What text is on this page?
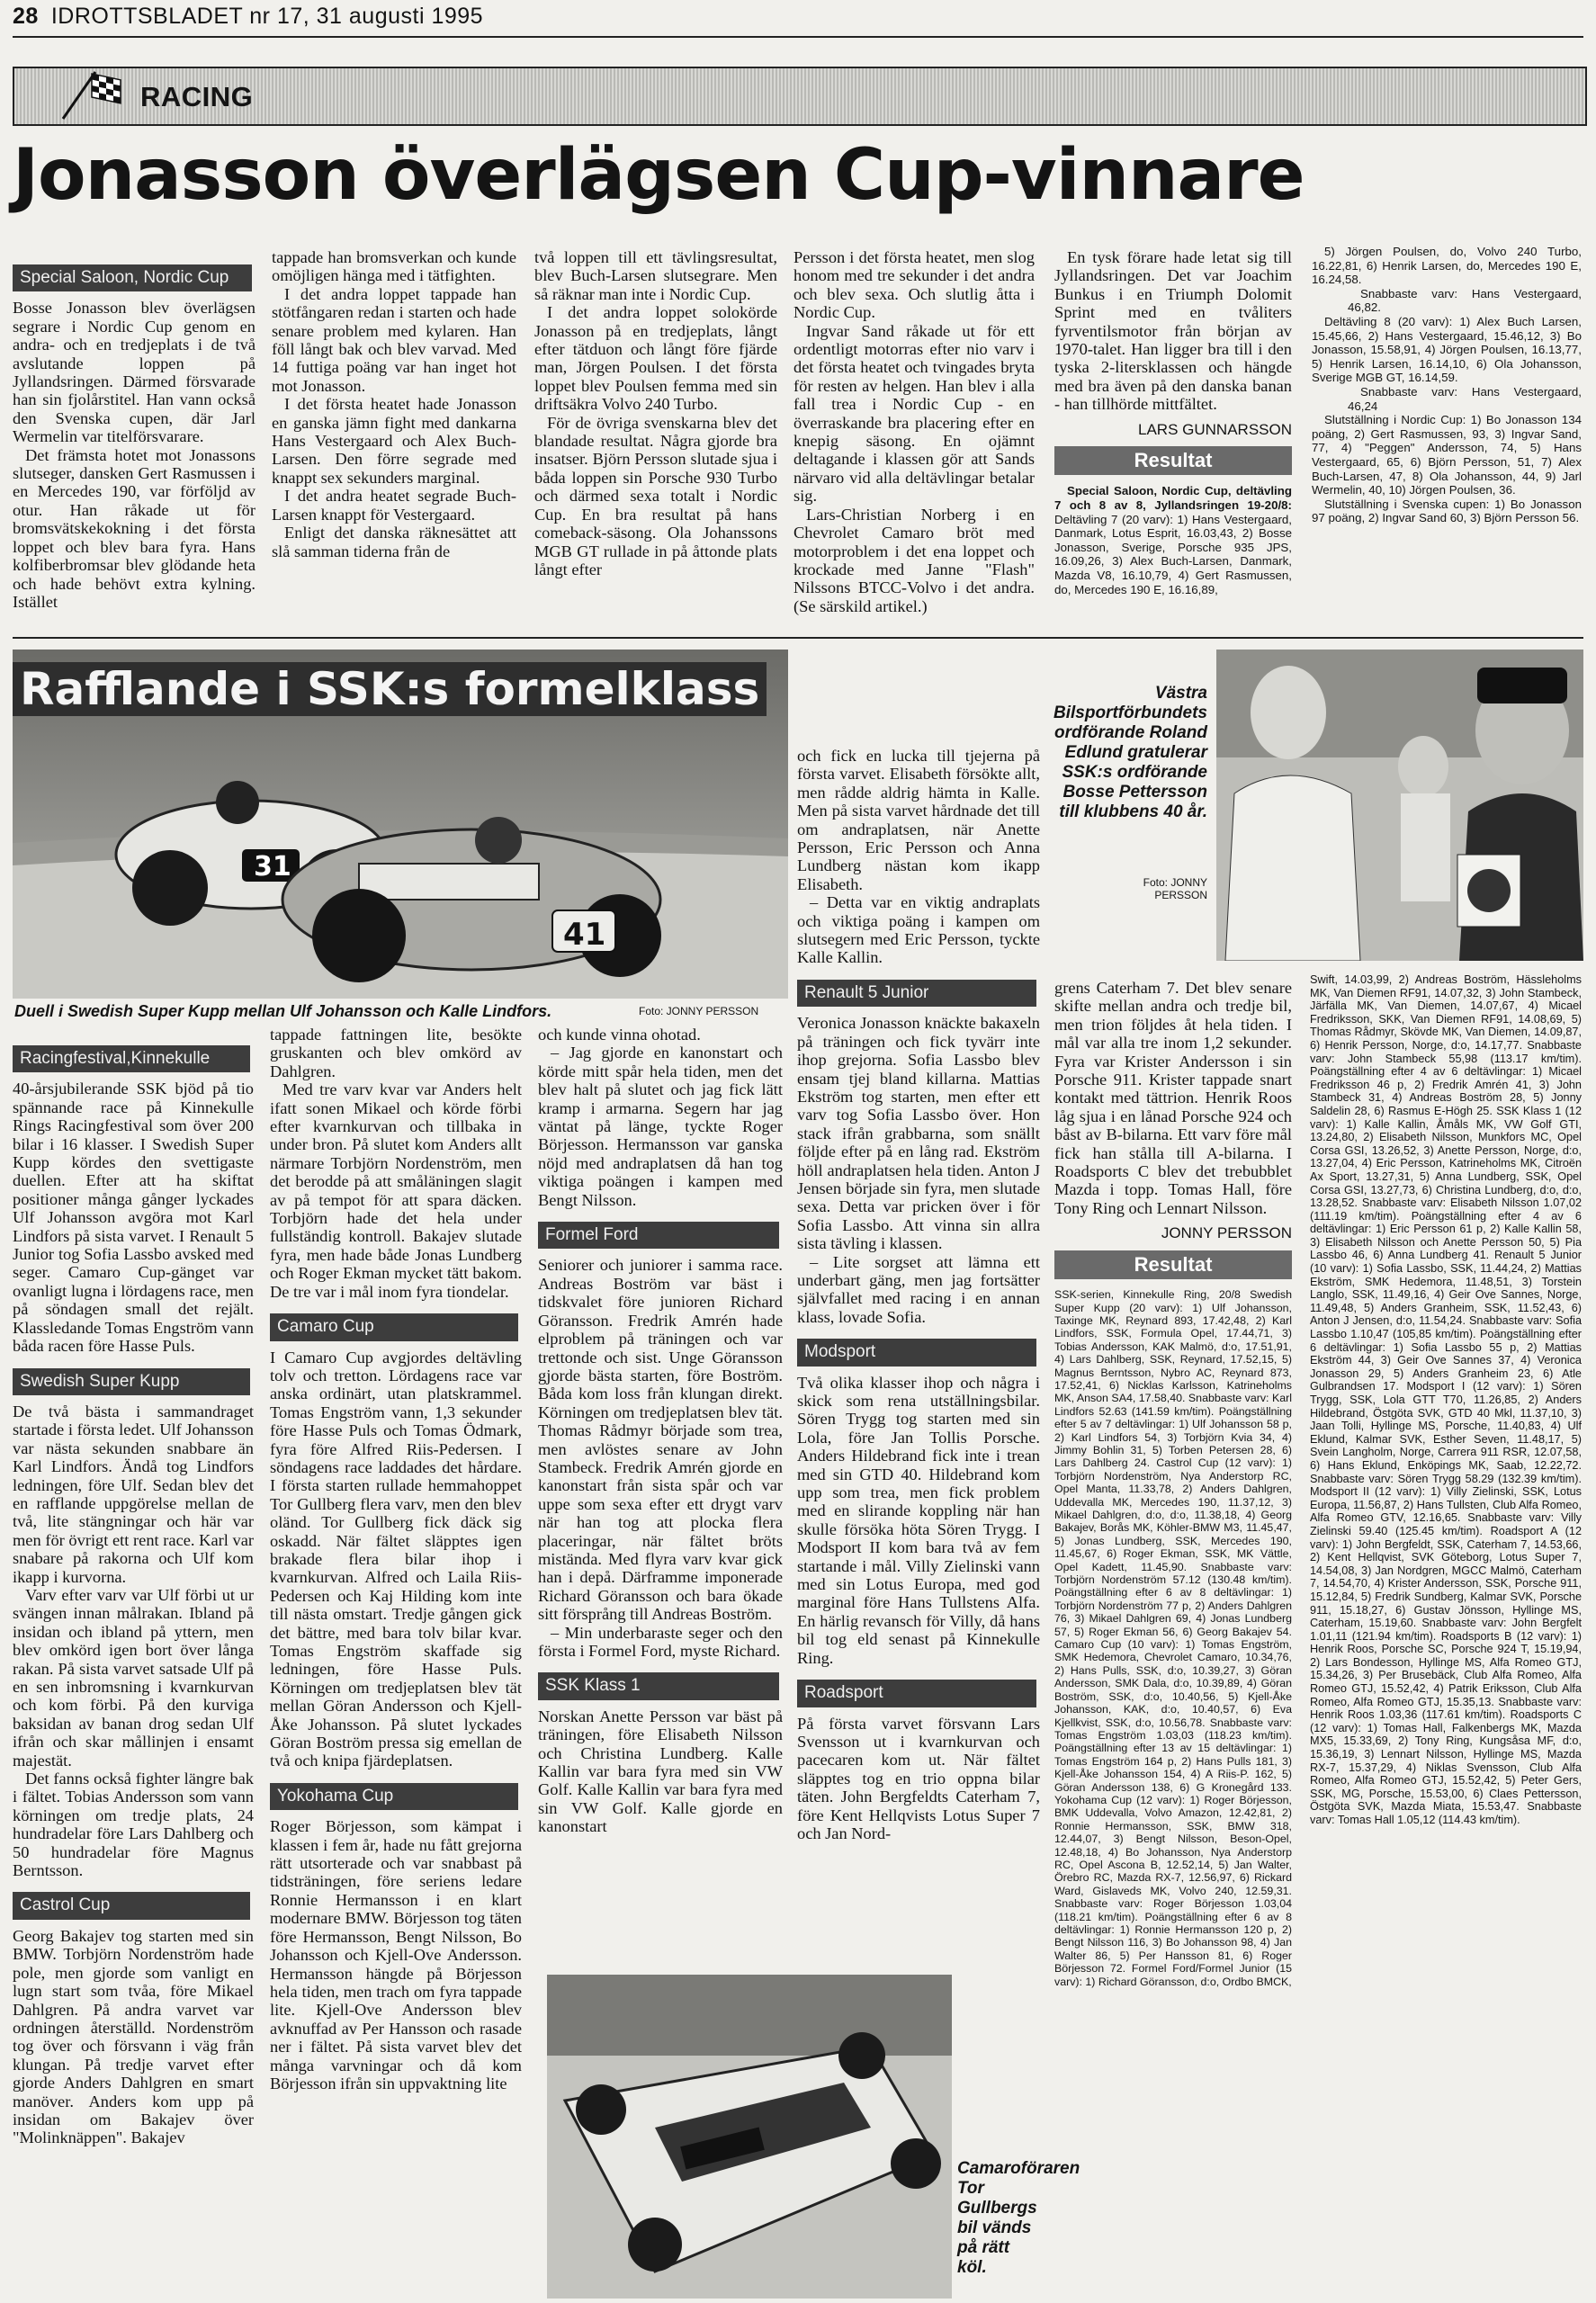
28 IDROTTSBLADET nr 17, 31 augusti 1995
RACING
Jonasson överlägsen Cup-vinnare
Special Saloon, Nordic Cup

Bosse Jonasson blev överlägsen segrare i Nordic Cup genom en andra- och en tredjeplats i de två avslutande loppen på Jyllandsringen. Därmed försvarade han sin fjolårstitel. Han vann också den Svenska cupen, där Jarl Wermelin var titelförsvarare.

Det främsta hotet mot Jonassons slutseger, dansken Gert Rasmussen i en Mercedes 190, var förföljd av otur. Han råkade ut för bromsvätskekokning i det första loppet och blev bara fyra. Hans kolfiberbromsar blev glödande heta och hade behövt extra kylning. Istället

tappade han bromsverkan och kunde omöjligen hänga med i tätfighten.

I det andra loppet tappade han stötfångaren redan i starten och hade senare problem med kylaren. Han föll långt bak och blev varvad. Med 14 futtiga poäng var han inget hot mot Jonasson.

I det första heatet hade Jonasson en ganska jämn fight med dankarna Hans Vestergaard och Alex Buch-Larsen. Den förre segrade med knappt sex sekunders marginal.

I det andra heatet segrade Buch-Larsen knappt för Vestergaard.

Enligt det danska räknesättet att slå samman tiderna från de

två loppen till ett tävlingsresultat, blev Buch-Larsen slutsegrare. Men så räknar man inte i Nordic Cup.

I det andra loppet solokörde Jonasson på en tredjeplats, långt efter tätduon och långt före fjärde man, Jörgen Poulsen. I det första loppet blev Poulsen femma med sin driftsäkra Volvo 240 Turbo.

För de övriga svenskarna blev det blandade resultat. Några gjorde bra insatser. Björn Persson slutade sjua i båda loppen sin Porsche 930 Turbo och därmed sexa totalt i Nordic Cup. En bra resultat på hans comeback-säsong. Ola Johanssons MGB GT rullade in på åttonde plats långt efter

Persson i det första heatet, men slog honom med tre sekunder i det andra och blev sexa. Och slutlig åtta i Nordic Cup.

Ingvar Sand råkade ut för ett ordentligt motorras efter nio varv i det första heatet och tvingades bryta för resten av helgen. Han blev i alla fall trea i Nordic Cup - en överraskande bra placering efter en knepig säsong. En ojämnt deltagande i klassen gör att Sands närvaro vid alla deltävlingar betalar sig.

Lars-Christian Norberg i en Chevrolet Camaro bröt med motorproblem i det ena loppet och krockade med Janne "Flash" Nilssons BTCC-Volvo i det andra. (Se särskild artikel.)

En tysk förare hade letat sig till Jyllandsringen. Det var Joachim Bunkus i en Triumph Dolomit Sprint med en tvåliters fyrventilsmotor från början av 1970-talet. Han ligger bra till i den tyska 2-litersklassen och hängde med bra även på den danska banan - han tillhörde mittfältet.

LARS GUNNARSSON
Resultat

Special Saloon, Nordic Cup, deltävling 7 och 8 av 8, Jyllandsringen 19-20/8: Deltävling 7 (20 varv): 1) Hans Vestergaard, Danmark, Lotus Esprit, 16.03,43, 2) Bosse Jonasson, Sverige, Porsche 935 JPS, 16.09,26, 3) Alex Buch-Larsen, Danmark, Mazda V8, 16.10,79, 4) Gert Rasmussen, do, Mercedes 190 E, 16.16,89,

5) Jörgen Poulsen, do, Volvo 240 Turbo, 16.22,81, 6) Henrik Larsen, do, Mercedes 190 E, 16.24,58.

Snabbaste varv: Hans Vestergaard, 46,82.

Deltävling 8 (20 varv): 1) Alex Buch Larsen, 15.45,66, 2) Hans Vestergaard, 15.46,12, 3) Bo Jonasson, 15.58,91, 4) Jörgen Poulsen, 16.13,77, 5) Henrik Larsen, 16.14,10, 6) Ola Johansson, Sverige MGB GT, 16.14,59.

Snabbaste varv: Hans Vestergaard, 46,24

Slutställning i Nordic Cup: 1) Bo Jonasson 134 poäng, 2) Gert Rasmussen, 93, 3) Ingvar Sand, 77, 4) "Peggen" Andersson, 74, 5) Hans Vestergaard, 65, 6) Björn Persson, 51, 7) Alex Buch-Larsen, 47, 8) Ola Johansson, 44, 9) Jarl Wermelin, 40, 10) Jörgen Poulsen, 36.

Slutställning i Svenska cupen: 1) Bo Jonasson 97 poäng, 2) Ingvar Sand 60, 3) Björn Persson 56.

31
41
Rafflande i SSK:s formelklass
Duell i Swedish Super Kupp mellan Ulf Johansson och Kalle Lindfors.	Foto: JONNY PERSSON
Västra Bilsportförbundets ordförande Roland Edlund gratulerar SSK:s ordförande Bosse Pettersson till klubbens 40 år.
Foto: JONNY PERSSON
Racingfestival,Kinnekulle

40-årsjubilerande SSK bjöd på tio spännande race på Kinnekulle Rings Racingfestival som över 200 bilar i 16 klasser. I Swedish Super Kupp kördes den svettigaste duellen. Efter att ha skiftat positioner många gånger lyckades Ulf Johansson avgöra mot Karl Lindfors på sista varvet. I Renault 5 Junior tog Sofia Lassbo avsked med seger. Camaro Cup-gänget var ovanligt lugna i lördagens race, men på söndagen small det rejält. Klassledande Tomas Engström vann båda racen före Hasse Puls.

Swedish Super Kupp

De två bästa i sammandraget startade i första ledet. Ulf Johansson var nästa sekunden snabbare än Karl Lindfors. Ändå tog Lindfors ledningen, före Ulf. Sedan blev det en rafflande uppgörelse mellan de två, lite stängningar och här var men för övrigt ett rent race. Karl var snabare på rakorna och Ulf kom ikapp i kurvorna.

Varv efter varv var Ulf förbi ut ur svängen innan målrakan. Ibland på insidan och ibland på yttern, men blev omkörd igen bort över långa rakan. På sista varvet satsade Ulf på en sen inbromsning i kvarnkurvan och kom förbi. På den kurviga baksidan av banan drog sedan Ulf ifrån och skar mållinjen i ensamt majestät.

Det fanns också fighter längre bak i fältet. Tobias Andersson som vann körningen om tredje plats, 24 hundradelar före Lars Dahlberg och 50 hundradelar före Magnus Berntsson.

Castrol Cup

Georg Bakajev tog starten med sin BMW. Torbjörn Nordenström hade pole, men gjorde som vanligt en lugn start som tvåa, före Mikael Dahlgren. På andra varvet var ordningen återställd. Nordenström tog över och försvann i väg från klungan. På tredje varvet efter gjorde Anders Dahlgren en smart manöver. Anders kom upp på insidan om Bakajev över "Molinknäppen". Bakajev

tappade fattningen lite, besökte gruskanten och blev omkörd av Dahlgren.

Med tre varv kvar var Anders helt ifatt sonen Mikael och körde förbi efter kvarnkurvan och tillbaka in under bron. På slutet kom Anders allt närmare Torbjörn Nordenström, men det berodde på att småläningen slagit av på tempot för att spara däcken. Torbjörn hade det hela under fullständig kontroll. Bakajev slutade fyra, men hade både Jonas Lundberg och Roger Ekman mycket tätt bakom. De tre var i mål inom fyra tiondelar.

Camaro Cup

I Camaro Cup avgjordes deltävling tolv och tretton. Lördagens race var anska ordinärt, utan platskrammel. Tomas Engström vann, 1,3 sekunder före Hasse Puls och Tomas Ödmark, fyra före Alfred Riis-Pedersen. I söndagens race laddades det hårdare. I första starten rullade hemmahoppet Tor Gullberg flera varv, men den blev oländ. Tor Gullberg fick däck sig oskadd. När fältet släpptes igen brakade flera bilar ihop i kvarnkurvan. Alfred och Laila Riis-Pedersen och Kaj Hilding kom inte till nästa omstart. Tredje gången gick det bättre, med bara tolv bilar kvar. Tomas Engström skaffade sig ledningen, före Hasse Puls. Körningen om tredjeplatsen blev tät mellan Göran Andersson och Kjell-Åke Johansson. På slutet lyckades Göran Boström pressa sig emellan de två och knipa fjärdeplatsen.

Yokohama Cup

Roger Börjesson, som kämpat i klassen i fem år, hade nu fått grejorna rätt utsorterade och var snabbast på tidsträningen, före seriens ledare Ronnie Hermansson i en klart modernare BMW. Börjesson tog täten före Hermansson, Bengt Nilsson, Bo Johansson och Kjell-Ove Andersson. Hermansson hängde på Börjesson hela tiden, men trach om fyra tappade lite. Kjell-Ove Andersson blev avknuffad av Per Hansson och rasade ner i fältet. På sista varvet blev det många varvningar och då kom Börjesson ifrån sin uppvaktning lite

och kunde vinna ohotad.

– Jag gjorde en kanonstart och körde mitt spår hela tiden, men det blev halt på slutet och jag fick lätt kramp i armarna. Segern har jag väntat på länge, tyckte Roger Börjesson. Hermansson var ganska nöjd med andraplatsen då han tog viktiga poängen i kampen med Bengt Nilsson.

Formel Ford

Seniorer och juniorer i samma race. Andreas Boström var bäst i tidskvalet före junioren Richard Göransson. Fredrik Amrén hade elproblem på träningen och var trettonde och sist. Unge Göransson gjorde bästa starten, före Boström. Båda kom loss från klungan direkt. Körningen om tredjeplatsen blev tät. Thomas Rådmyr började som trea, men avlöstes senare av John Stambeck. Fredrik Amrén gjorde en kanonstart från sista spår och var uppe som sexa efter ett drygt varv när han tog att plocka flera placeringar, när fältet bröts mistända. Med flyra varv kvar gick han i depå. Därframme imponerade Richard Göransson och bara ökade sitt försprång till Andreas Boström.

– Min underbaraste seger och den första i Formel Ford, myste Richard.

SSK Klass 1

Norskan Anette Persson var bäst på träningen, före Elisabeth Nilsson och Christina Lundberg. Kalle Kallin var bara fyra med sin VW Golf. Kalle Kallin var bara fyra med sin VW Golf. Kalle gjorde en kanonstart

och fick en lucka till tjejerna på första varvet. Elisabeth försökte allt, men rådde aldrig hämta in Kalle. Men på sista varvet hårdnade det till om andraplatsen, när Anette Persson, Eric Persson och Anna Lundberg nästan kom ikapp Elisabeth.

– Detta var en viktig andraplats och viktiga poäng i kampen om slutsegern med Eric Persson, tyckte Kalle Kallin.

Renault 5 Junior

Veronica Jonasson knäckte bakaxeln på träningen och fick tyvärr inte ihop grejorna. Sofia Lassbo blev ensam tjej bland killarna. Mattias Ekström tog starten, men efter ett varv tog Sofia Lassbo över. Hon stack ifrån grabbarna, som snällt följde efter på en lång rad. Ekström höll andraplatsen hela tiden. Anton J Jensen började sin fyra, men slutade sexa. Detta var pricken över i för Sofia Lassbo. Att vinna sin allra sista tävling i klassen.

– Lite sorgset att lämna ett underbart gäng, men jag fortsätter självfallet med racing i en annan klass, lovade Sofia.

Modsport

Två olika klasser ihop och några i skick som rena utställningsbilar. Sören Trygg tog starten med sin Lola, före Jan Tollis Porsche. Anders Hildebrand fick inte i trean med sin GTD 40. Hildebrand kom upp som trea, men fick problem med en slirande koppling när han skulle försöka höta Sören Trygg. I Modsport II kom bara två av fem startande i mål. Villy Zielinski vann med sin Lotus Europa, med god marginal före Hans Tullstens Alfa. En härlig revansch för Villy, då hans bil tog eld senast på Kinnekulle Ring.

Roadsport

På första varvet försvann Lars Svensson ut i kvarnkurvan och pacecaren kom ut. När fältet släpptes tog en trio oppna bilar täten. John Bergfeldts Caterham 7, före Kent Hellqvists Lotus Super 7 och Jan Nord-

Camaroföraren Tor Gullbergs bil vänds på rätt köl.

grens Caterham 7. Det blev senare skifte mellan andra och tredje bil, men trion följdes åt hela tiden. I mål var alla tre inom 1,2 sekunder. Fyra var Krister Andersson i sin Porsche 911. Krister tappade snart kontakt med tättrion. Henrik Roos låg sjua i en lånad Porsche 924 och båst av B-bilarna. Ett varv före mål fick han stålla till A-bilarna. I Roadsports C blev det trebubblet Mazda i topp. Tomas Hall, före Tony Ring och Lennart Nilsson.

JONNY PERSSON
Resultat
SSK-serien, Kinnekulle Ring, 20/8 Swedish Super Kupp (20 varv): 1) Ulf Johansson, Taxinge MK, Reynard 893, 17.42,48, 2) Karl Lindfors, SSK, Formula Opel, 17.44,71, 3) Tobias Andersson, KAK Malmö, d:o, 17.51,91, 4) Lars Dahlberg, SSK, Reynard, 17.52,15, 5) Magnus Berntsson, Nybro AC, Reynard 873, 17.52,41, 6) Nicklas Karlsson, Katrineholms MK, Anson SA4, 17.58,40. Snabbaste varv: Karl Lindfors 52.63 (141.59 km/tim). Poängställning efter 5 av 7 deltävlingar: 1) Ulf Johansson 58 p, 2) Karl Lindfors 54, 3) Torbjörn Kvia 34, 4) Jimmy Bohlin 31, 5) Torben Petersen 28, 6) Lars Dahlberg 24. Castrol Cup (12 varv): 1) Torbjörn Nordenström, Nya Anderstorp RC, Opel Manta, 11.33,78, 2) Anders Dahlgren, Uddevalla MK, Mercedes 190, 11.37,12, 3) Mikael Dahlgren, d:o, d:o, 11.38,18, 4) Georg Bakajev, Borås MK, Köhler-BMW M3, 11.45,47, 5) Jonas Lundberg, SSK, Mercedes 190, 11.45,67, 6) Roger Ekman, SSK, MK Vättle, Opel Kadett, 11.45,90. Snabbaste varv: Torbjörn Nordenström 57.12 (130.48 km/tim). Poängställning efter 6 av 8 deltävlingar: 1) Torbjörn Nordenström 77 p, 2) Anders Dahlgren 76, 3) Mikael Dahlgren 69, 4) Jonas Lundberg 57, 5) Roger Ekman 56, 6) Georg Bakajev 54. Camaro Cup (10 varv): 1) Tomas Engström, SMK Hedemora, Chevrolet Camaro, 10.34,76, 2) Hans Pulls, SSK, d:o, 10.39,27, 3) Göran Andersson, SMK Dala, d:o, 10.39,89, 4) Göran Boström, SSK, d:o, 10.40,56, 5) Kjell-Åke Johansson, KAK, d:o, 10.40,57, 6) Eva Kjellkvist, SSK, d:o, 10.56,78. Snabbaste varv: Tomas Engström 1.03,03 (118.23 km/tim). Poängställning efter 13 av 15 deltävlingar: 1) Tomas Engström 164 p, 2) Hans Pulls 181, 3) Kjell-Åke Johansson 154, 4) A Riis-P. 162, 5) Göran Andersson 138, 6) G Kronegård 133. Yokohama Cup (12 varv): 1) Roger Börjesson, BMK Uddevalla, Volvo Amazon, 12.42,81, 2) Ronnie Hermansson, SSK, BMW 318, 12.44,07, 3) Bengt Nilsson, Beson-Opel, 12.48,18, 4) Bo Johansson, Nya Anderstorp RC, Opel Ascona B, 12.52,14, 5) Jan Walter, Örebro RC, Mazda RX-7, 12.56,97, 6) Rickard Ward, Gislaveds MK, Volvo 240, 12.59,31. Snabbaste varv: Roger Börjesson 1.03,04 (118.21 km/tim). Poängställning efter 6 av 8 deltävlingar: 1) Ronnie Hermansson 120 p, 2) Bengt Nilsson 116, 3) Bo Johansson 98, 4) Jan Walter 86, 5) Per Hansson 81, 6) Roger Börjesson 72. Formel Ford/Formel Junior (15 varv): 1) Richard Göransson, d:o, Ordbo BMCK,
Swift, 14.03,99, 2) Andreas Boström, Hässleholms MK, Van Diemen RF91, 14.07,32, 3) John Stambeck, Järfälla MK, Van Diemen, 14.07,67, 4) Micael Fredriksson, SKK, Van Diemen RF91, 14.08,69, 5) Thomas Rådmyr, Skövde MK, Van Diemen, 14.09,87, 6) Henrik Persson, Norge, d:o, 14.17,77. Snabbaste varv: John Stambeck 55,98 (113.17 km/tim). Poängställning efter 4 av 6 deltävlingar: 1) Micael Fredriksson 46 p, 2) Fredrik Amrén 41, 3) John Stambeck 31, 4) Andreas Boström 28, 5) Jonny Saldelin 28, 6) Rasmus E-Högh 25. SSK Klass 1 (12 varv): 1) Kalle Kallin, Åmåls MK, VW Golf GTI, 13.24,80, 2) Elisabeth Nilsson, Munkfors MC, Opel Corsa GSI, 13.26,52, 3) Anette Persson, Norge, d:o, 13.27,04, 4) Eric Persson, Katrineholms MK, Citroën Ax Sport, 13.27,31, 5) Anna Lundberg, SSK, Opel Corsa GSI, 13.27,73, 6) Christina Lundberg, d:o, d:o, 13.28,52. Snabbaste varv: Elisabeth Nilsson 1.07,02 (111.19 km/tim). Poängställning efter 4 av 6 deltävlingar: 1) Eric Persson 61 p, 2) Kalle Kallin 58, 3) Elisabeth Nilsson och Anette Persson 50, 5) Pia Lassbo 46, 6) Anna Lundberg 41. Renault 5 Junior (10 varv): 1) Sofia Lassbo, SSK, 11.44,24, 2) Mattias Ekström, SMK Hedemora, 11.48,51, 3) Torstein Langlo, SSK, 11.49,16, 4) Geir Ove Sannes, Norge, 11.49,48, 5) Anders Granheim, SSK, 11.52,43, 6) Anton J Jensen, d:o, 11.54,24. Snabbaste varv: Sofia Lassbo 1.10,47 (105,85 km/tim). Poängställning efter 6 deltävlingar: 1) Sofia Lassbo 55 p, 2) Mattias Ekström 44, 3) Geir Ove Sannes 37, 4) Veronica Jonasson 29, 5) Anders Granheim 23, 6) Atle Gulbrandsen 17. Modsport I (12 varv): 1) Sören Trygg, SSK, Lola GTT T70, 11.26,85, 2) Anders Hildebrand, Östgöta SVK, GTD 40 Mkl, 11.37,10, 3) Jaan Tolli, Hyllinge MS, Porsche, 11.40,83, 4) Ulf Eklund, Kalmar SVK, Esther Seven, 11.48,17, 5) Svein Langholm, Norge, Carrera 911 RSR, 12.07,58, 6) Hans Eklund, Enköpings MK, Saab, 12.22,72. Snabbaste varv: Sören Trygg 58.29 (132.39 km/tim). Modsport II (12 varv): 1) Villy Zielinski, SSK, Lotus Europa, 11.56,87, 2) Hans Tullsten, Club Alfa Romeo, Alfa Romeo GTV, 12.16,65. Snabbaste varv: Villy Zielinski 59.40 (125.45 km/tim). Roadsport A (12 varv): 1) John Bergfeldt, SSK, Caterham 7, 14.53,66, 2) Kent Hellqvist, SVK Göteborg, Lotus Super 7, 14.54,08, 3) Jan Nordgren, MGCC Malmö, Caterham 7, 14.54,70, 4) Krister Andersson, SSK, Porsche 911, 15.12,84, 5) Fredrik Sundberg, Kalmar SVK, Porsche 911, 15.18,27, 6) Gustav Jönsson, Hyllinge MS, Caterham, 15.19,60. Snabbaste varv: John Bergfelt 1.01,11 (121.94 km/tim). Roadsports B (12 varv): 1) Henrik Roos, Porsche SC, Porsche 924 T, 15.19,94, 2) Lars Bondesson, Hyllinge MS, Alfa Romeo GTJ, 15.34,26, 3) Per Brusebäck, Club Alfa Romeo, Alfa Romeo GTJ, 15.52,42, 4) Patrik Eriksson, Club Alfa Romeo, Alfa Romeo GTJ, 15.35,13. Snabbaste varv: Henrik Roos 1.03,36 (117.61 km/tim). Roadsports C (12 varv): 1) Tomas Hall, Falkenbergs MK, Mazda MX5, 15.33,69, 2) Tony Ring, Kungsåsa MF, d:o, 15.36,19, 3) Lennart Nilsson, Hyllinge MS, Mazda RX-7, 15.37,29, 4) Niklas Svensson, Club Alfa Romeo, Alfa Romeo GTJ, 15.52,42, 5) Peter Gers, SSK, MG, Porsche, 15.53,00, 6) Claes Pettersson, Östgöta SVK, Mazda Miata, 15.53,47. Snabbaste varv: Tomas Hall 1.05,12 (114.43 km/tim).
